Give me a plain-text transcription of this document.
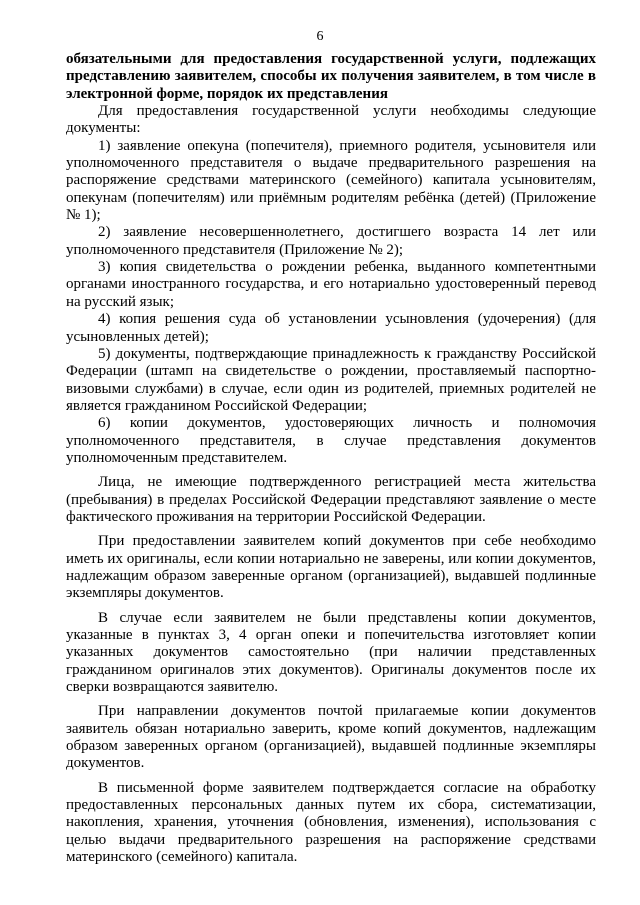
6

обязательными для предоставления государственной услуги, подлежащих представлению заявителем, способы их получения заявителем, в том числе в электронной форме, порядок их представления

Для предоставления государственной услуги необходимы следующие документы:

1) заявление опекуна (попечителя), приемного родителя, усыновителя или уполномоченного представителя о выдаче предварительного разрешения на распоряжение средствами материнского (семейного) капитала усыновителям, опекунам (попечителям) или приёмным родителям ребёнка (детей) (Приложение № 1);

2) заявление несовершеннолетнего, достигшего возраста 14 лет или уполномоченного представителя (Приложение № 2);

3) копия свидетельства о рождении ребенка, выданного компетентными органами иностранного государства, и его нотариально удостоверенный перевод на русский язык;

4) копия решения суда об установлении усыновления (удочерения) (для усыновленных детей);

5) документы, подтверждающие принадлежность к гражданству Российской Федерации (штамп на свидетельстве о рождении, проставляемый паспортно-визовыми службами) в случае, если один из родителей, приемных родителей не является гражданином Российской Федерации;

6) копии документов, удостоверяющих личность и полномочия уполномоченного представителя, в случае представления документов уполномоченным представителем.

Лица, не имеющие подтвержденного регистрацией места жительства (пребывания) в пределах Российской Федерации представляют заявление о месте фактического проживания на территории Российской Федерации.

При предоставлении заявителем копий документов при себе необходимо иметь их оригиналы, если копии нотариально не заверены, или копии документов, надлежащим образом заверенные органом (организацией), выдавшей подлинные экземпляры документов.

В случае если заявителем не были представлены копии документов, указанные в пунктах 3, 4 орган опеки и попечительства изготовляет копии указанных документов самостоятельно (при наличии представленных гражданином оригиналов этих документов). Оригиналы документов после их сверки возвращаются заявителю.

При направлении документов почтой прилагаемые копии документов заявитель обязан нотариально заверить, кроме копий документов, надлежащим образом заверенных органом (организацией), выдавшей подлинные экземпляры документов.

В письменной форме заявителем подтверждается согласие на обработку предоставленных персональных данных путем их сбора, систематизации, накопления, хранения, уточнения (обновления, изменения), использования с целью выдачи предварительного разрешения на распоряжение средствами материнского (семейного) капитала.
